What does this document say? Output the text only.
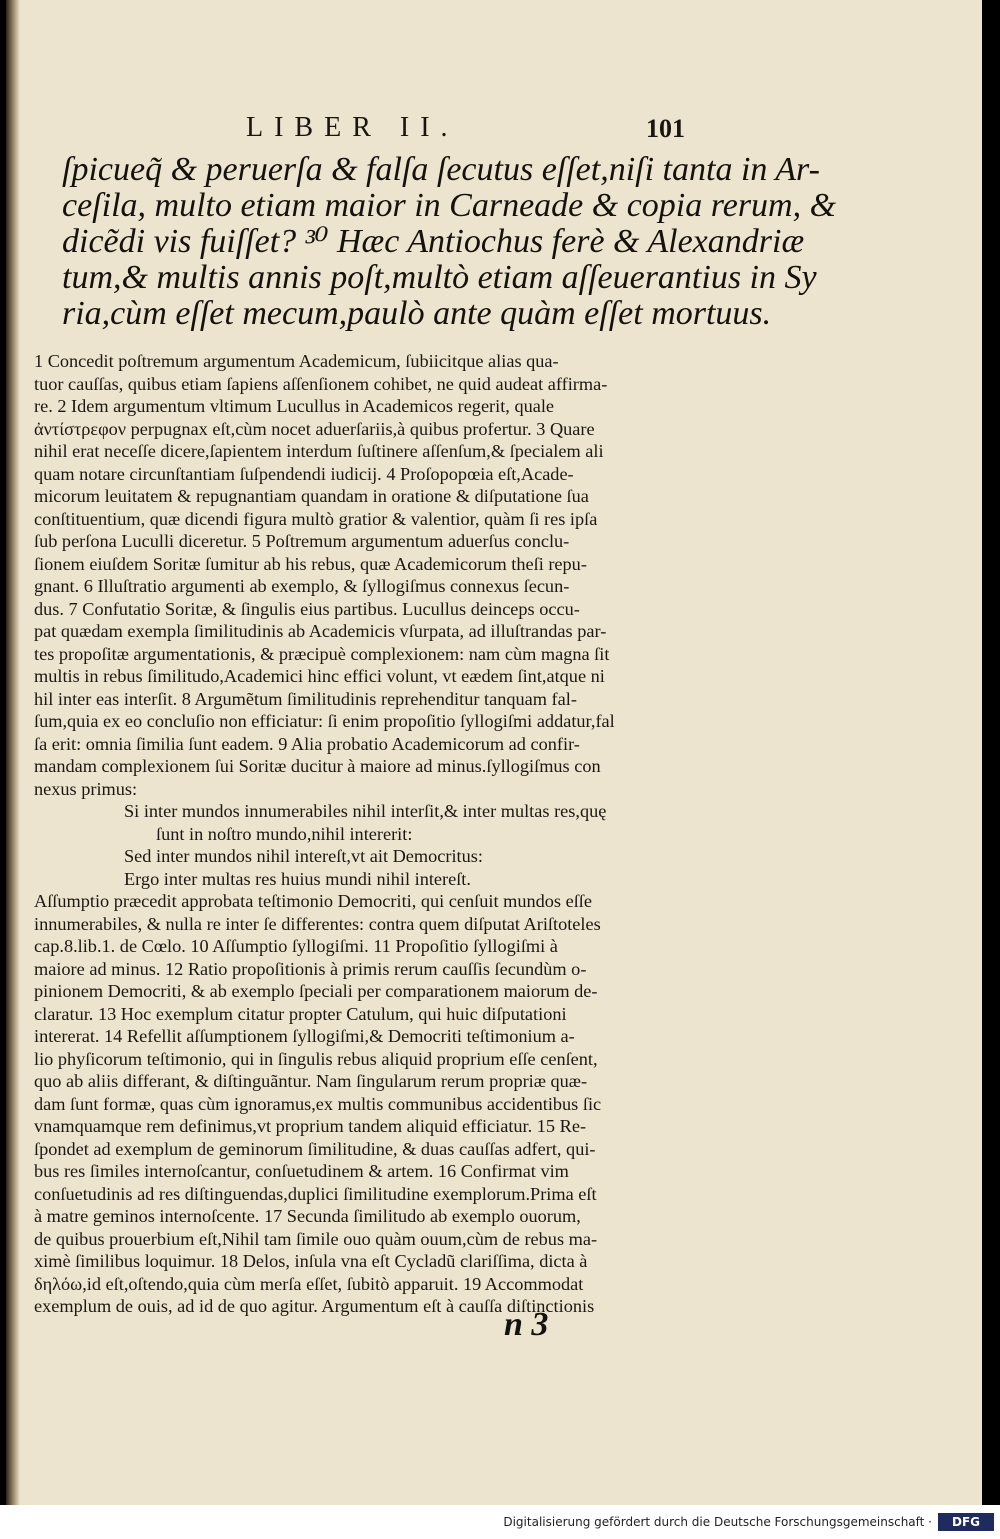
LIBER II.	101
ſpicueq̃ & peruerſa & falſa ſecutus eſſet,niſi tanta in Ar-
ceſila, multo etiam maior in Carneade & copia rerum, &
dicẽdi vis fuiſſet? ³⁰ Hæc Antiochus ferè & Alexandriæ
tum,& multis annis poſt,multò etiam aſſeuerantius in Sy
ria,cùm eſſet mecum,paulò ante quàm eſſet mortuus.
1 Concedit poſtremum argumentum Academicum, ſubiicitque alias qua-
tuor cauſſas, quibus etiam ſapiens aſſenſionem cohibet, ne quid audeat affirma-
re. 2 Idem argumentum vltimum Lucullus in Academicos regerit, quale
ἀντίστρεφον perpugnax eſt,cùm nocet aduerſariis,à quibus profertur. 3 Quare
nihil erat neceſſe dicere,ſapientem interdum ſuſtinere aſſenſum,& ſpecialem ali
quam notare circunſtantiam ſuſpendendi iudicij. 4 Proſopopœia eſt,Acade-
micorum leuitatem & repugnantiam quandam in oratione & diſputatione ſua
conſtituentium, quæ dicendi figura multò gratior & valentior, quàm ſi res ipſa
ſub perſona Luculli diceretur. 5 Poſtremum argumentum aduerſus conclu-
ſionem eiuſdem Soritæ ſumitur ab his rebus, quæ Academicorum theſi repu-
gnant. 6 Illuſtratio argumenti ab exemplo, & ſyllogiſmus connexus ſecun-
dus. 7 Confutatio Soritæ, & ſingulis eius partibus. Lucullus deinceps occu-
pat quædam exempla ſimilitudinis ab Academicis vſurpata, ad illuſtrandas par-
tes propoſitæ argumentationis, & præcipuè complexionem: nam cùm magna ſit
multis in rebus ſimilitudo,Academici hinc effici volunt, vt eædem ſint,atque ni
hil inter eas interſit. 8 Argumẽtum ſimilitudinis reprehenditur tanquam fal-
ſum,quia ex eo concluſio non efficiatur: ſi enim propoſitio ſyllogiſmi addatur,fal
ſa erit: omnia ſimilia ſunt eadem. 9 Alia probatio Academicorum ad confir-
mandam complexionem ſui Soritæ ducitur à maiore ad minus.ſyllogiſmus con
nexus primus:
Si inter mundos innumerabiles nihil interſit,& inter multas res,quę
ſunt in noſtro mundo,nihil intererit:
Sed inter mundos nihil intereſt,vt ait Democritus:
Ergo inter multas res huius mundi nihil intereſt.
Aſſumptio præcedit approbata teſtimonio Democriti, qui cenſuit mundos eſſe
innumerabiles, & nulla re inter ſe differentes: contra quem diſputat Ariſtoteles
cap.8.lib.1. de Cœlo. 10 Aſſumptio ſyllogiſmi. 11 Propoſitio ſyllogiſmi à
maiore ad minus. 12 Ratio propoſitionis à primis rerum cauſſis ſecundùm o-
pinionem Democriti, & ab exemplo ſpeciali per comparationem maiorum de-
claratur. 13 Hoc exemplum citatur propter Catulum, qui huic diſputationi
intererat. 14 Refellit aſſumptionem ſyllogiſmi,& Democriti teſtimonium a-
lio phyſicorum teſtimonio, qui in ſingulis rebus aliquid proprium eſſe cenſent,
quo ab aliis differant, & diſtinguãntur. Nam ſingularum rerum propriæ quæ-
dam ſunt formæ, quas cùm ignoramus,ex multis communibus accidentibus ſic
vnamquamque rem definimus,vt proprium tandem aliquid efficiatur. 15 Re-
ſpondet ad exemplum de geminorum ſimilitudine, & duas cauſſas adfert, qui-
bus res ſimiles internoſcantur, conſuetudinem & artem. 16 Confirmat vim
conſuetudinis ad res diſtinguendas,duplici ſimilitudine exemplorum.Prima eſt
à matre geminos internoſcente. 17 Secunda ſimilitudo ab exemplo ouorum,
de quibus prouerbium eſt,Nihil tam ſimile ouo quàm ouum,cùm de rebus ma-
ximè ſimilibus loquimur. 18 Delos, inſula vna eſt Cycladũ clariſſima, dicta à
δηλόω,id eſt,oſtendo,quia cùm merſa eſſet, ſubitò apparuit. 19 Accommodat
exemplum de ouis, ad id de quo agitur. Argumentum eſt à cauſſa diſtinctionis
n 3
Digitalisierung gefördert durch die Deutsche Forschungsgemeinschaft ·	DFG
